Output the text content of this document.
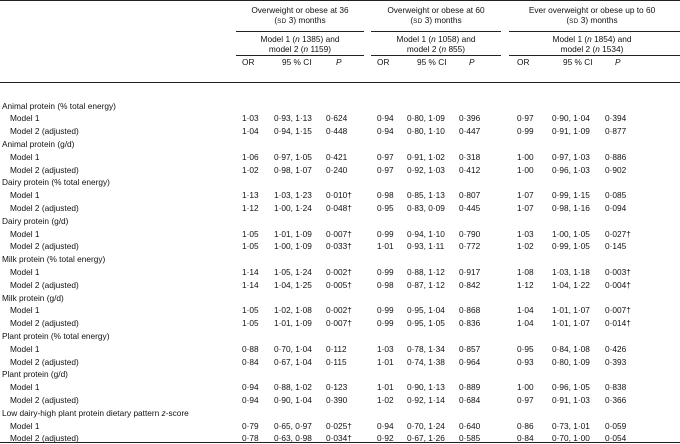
Overweight or obese at 36
(SD 3) months
Overweight or obese at 60
(SD 3) months
Ever overweight or obese up to 60
(SD 3) months
Model 1 (n 1385) and
model 2 (n 1159)
Model 1 (n 1058) and
model 2 (n 855)
Model 1 (n 1854) and
model 2 (n 1534)
OR	95 % CI	P	OR	95 % CI	P	OR	95 % CI	P
Animal protein (% total energy)
Model 1	1·03 0·93, 1·13 0·624	0·94 0·80, 1·09 0·396	0·97 0·90, 1·04 0·394
Model 2 (adjusted)	1·04 0·94, 1·15 0·448	0·94 0·80, 1·10 0·447	0·99 0·91, 1·09 0·877
Animal protein (g/d)
Model 1	1·06 0·97, 1·05 0·421	0·97 0·91, 1·02 0·318	1·00 0·97, 1·03 0·886
Model 2 (adjusted)	1·02 0·98, 1·07 0·240	0·97 0·92, 1·03 0·412	1·00 0·96, 1·03 0·902
Dairy protein (% total energy)
Model 1	1·13 1·03, 1·23 0·010†	0·98 0·85, 1·13 0·807	1·07 0·99, 1·15 0·085
Model 2 (adjusted)	1·12 1·00, 1·24 0·048†	0·95 0·83, 0·09 0·445	1·07 0·98, 1·16 0·094
Dairy protein (g/d)
Model 1	1·05 1·01, 1·09 0·007†	0·99 0·94, 1·10 0·790	1·03 1·00, 1·05 0·027†
Model 2 (adjusted)	1·05 1·00, 1·09 0·033†	1·01 0·93, 1·11 0·772	1·02 0·99, 1·05 0·145
Milk protein (% total energy)
Model 1	1·14 1·05, 1·24 0·002†	0·99 0·88, 1·12 0·917	1·08 1·03, 1·18 0·003†
Model 2 (adjusted)	1·14 1·04, 1·25 0·005†	0·98 0·87, 1·12 0·842	1·12 1·04, 1·22 0·004†
Milk protein (g/d)
Model 1	1·05 1·02, 1·08 0·002†	0·99 0·95, 1·04 0·868	1·04 1·01, 1·07 0·007†
Model 2 (adjusted)	1·05 1·01, 1·09 0·007†	0·99 0·95, 1·05 0·836	1·04 1·01, 1·07 0·014†
Plant protein (% total energy)
Model 1	0·88 0·70, 1·04 0·112	1·03 0·78, 1·34 0·857	0·95 0·84, 1·08 0·426
Model 2 (adjusted)	0·84 0·67, 1·04 0·115	1·01 0·74, 1·38 0·964	0·93 0·80, 1·09 0·393
Plant protein (g/d)
Model 1	0·94 0·88, 1·02 0·123	1·01 0·90, 1·13 0·889	1·00 0·96, 1·05 0·838
Model 2 (adjusted)	0·94 0·90, 1·04 0·390	1·02 0·92, 1·14 0·684	0·97 0·91, 1·03 0·366
Low dairy-high plant protein dietary pattern z-score
Model 1	0·79 0·65, 0·97 0·025†	0·94 0·70, 1·24 0·640	0·86 0·73, 1·01 0·059
Model 2 (adjusted)	0·78 0·63, 0·98 0·034†	0·92 0·67, 1·26 0·585	0·84 0·70, 1·00 0·054
